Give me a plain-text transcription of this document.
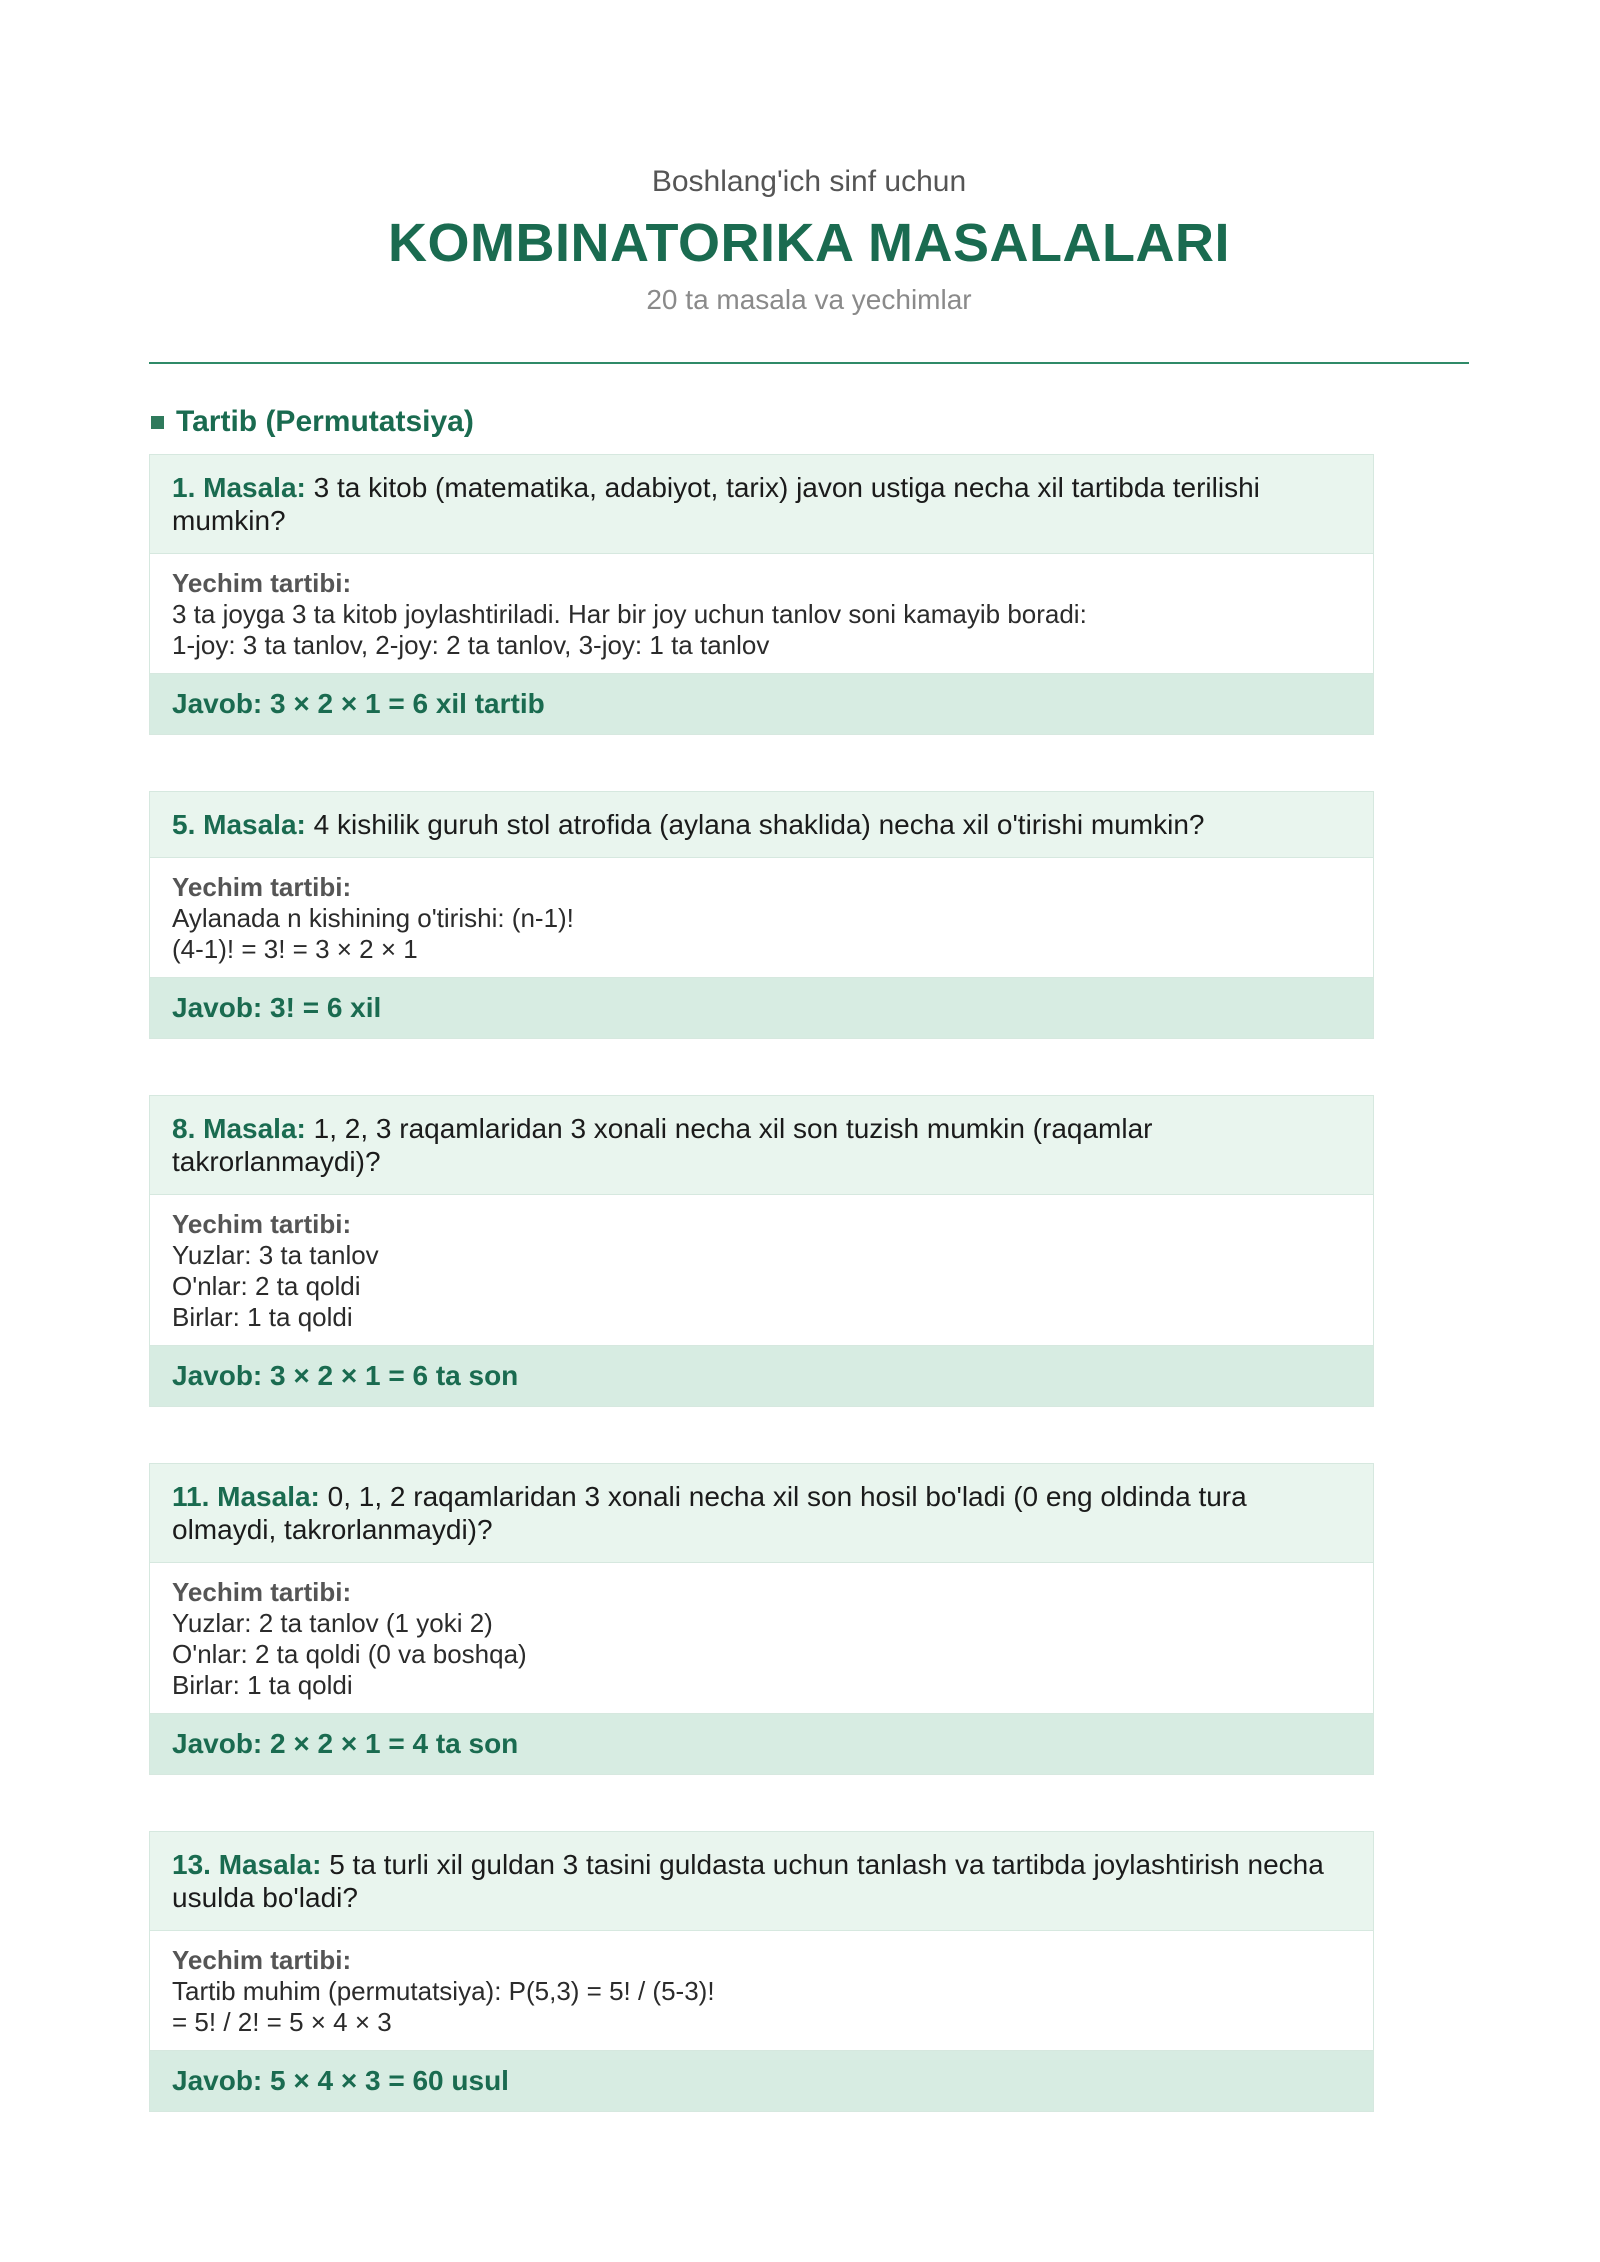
Boshlang'ich sinf uchun
KOMBINATORIKA MASALALARI
20 ta masala va yechimlar
Tartib (Permutatsiya)
1. Masala: 3 ta kitob (matematika, adabiyot, tarix) javon ustiga necha xil tartibda terilishi mumkin?
Yechim tartibi:
3 ta joyga 3 ta kitob joylashtiriladi. Har bir joy uchun tanlov soni kamayib boradi:
1-joy: 3 ta tanlov, 2-joy: 2 ta tanlov, 3-joy: 1 ta tanlov
Javob: 3 × 2 × 1 = 6 xil tartib
5. Masala: 4 kishilik guruh stol atrofida (aylana shaklida) necha xil o'tirishi mumkin?
Yechim tartibi:
Aylanada n kishining o'tirishi: (n-1)!
(4-1)! = 3! = 3 × 2 × 1
Javob: 3! = 6 xil
8. Masala: 1, 2, 3 raqamlaridan 3 xonali necha xil son tuzish mumkin (raqamlar takrorlanmaydi)?
Yechim tartibi:
Yuzlar: 3 ta tanlov
O'nlar: 2 ta qoldi
Birlar: 1 ta qoldi
Javob: 3 × 2 × 1 = 6 ta son
11. Masala: 0, 1, 2 raqamlaridan 3 xonali necha xil son hosil bo'ladi (0 eng oldinda tura olmaydi, takrorlanmaydi)?
Yechim tartibi:
Yuzlar: 2 ta tanlov (1 yoki 2)
O'nlar: 2 ta qoldi (0 va boshqa)
Birlar: 1 ta qoldi
Javob: 2 × 2 × 1 = 4 ta son
13. Masala: 5 ta turli xil guldan 3 tasini guldasta uchun tanlash va tartibda joylashtirish necha usulda bo'ladi?
Yechim tartibi:
Tartib muhim (permutatsiya): P(5,3) = 5! / (5-3)!
= 5! / 2! = 5 × 4 × 3
Javob: 5 × 4 × 3 = 60 usul
